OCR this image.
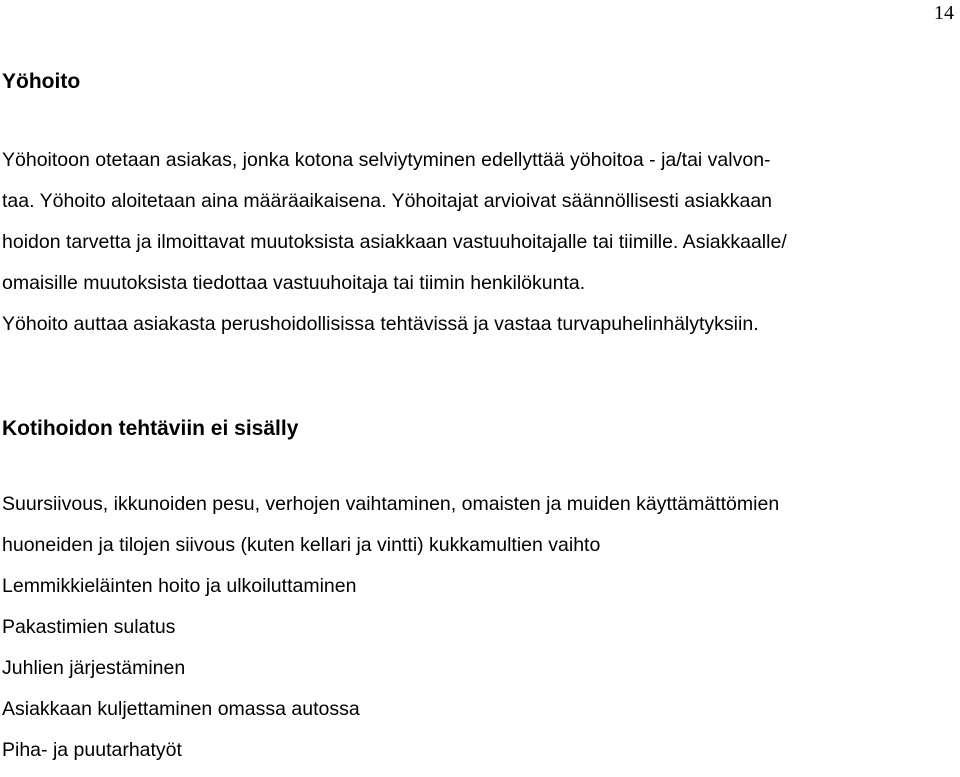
14
Yöhoito
Yöhoitoon otetaan asiakas, jonka kotona selviytyminen edellyttää yöhoitoa - ja/tai valvon-
taa. Yöhoito aloitetaan aina määräaikaisena. Yöhoitajat arvioivat säännöllisesti asiakkaan
hoidon tarvetta ja ilmoittavat muutoksista asiakkaan vastuuhoitajalle tai tiimille. Asiakkaalle/
omaisille muutoksista tiedottaa vastuuhoitaja tai tiimin henkilökunta.
Yöhoito auttaa asiakasta perushoidollisissa tehtävissä ja vastaa turvapuhelinhälytyksiin.
Kotihoidon tehtäviin ei sisälly
Suursiivous, ikkunoiden pesu, verhojen vaihtaminen, omaisten ja muiden käyttämättömien
huoneiden ja tilojen siivous (kuten kellari ja vintti) kukkamultien vaihto
Lemmikkieläinten hoito ja ulkoiluttaminen
Pakastimien sulatus
Juhlien järjestäminen
Asiakkaan kuljettaminen omassa autossa
Piha- ja puutarhatyöt
